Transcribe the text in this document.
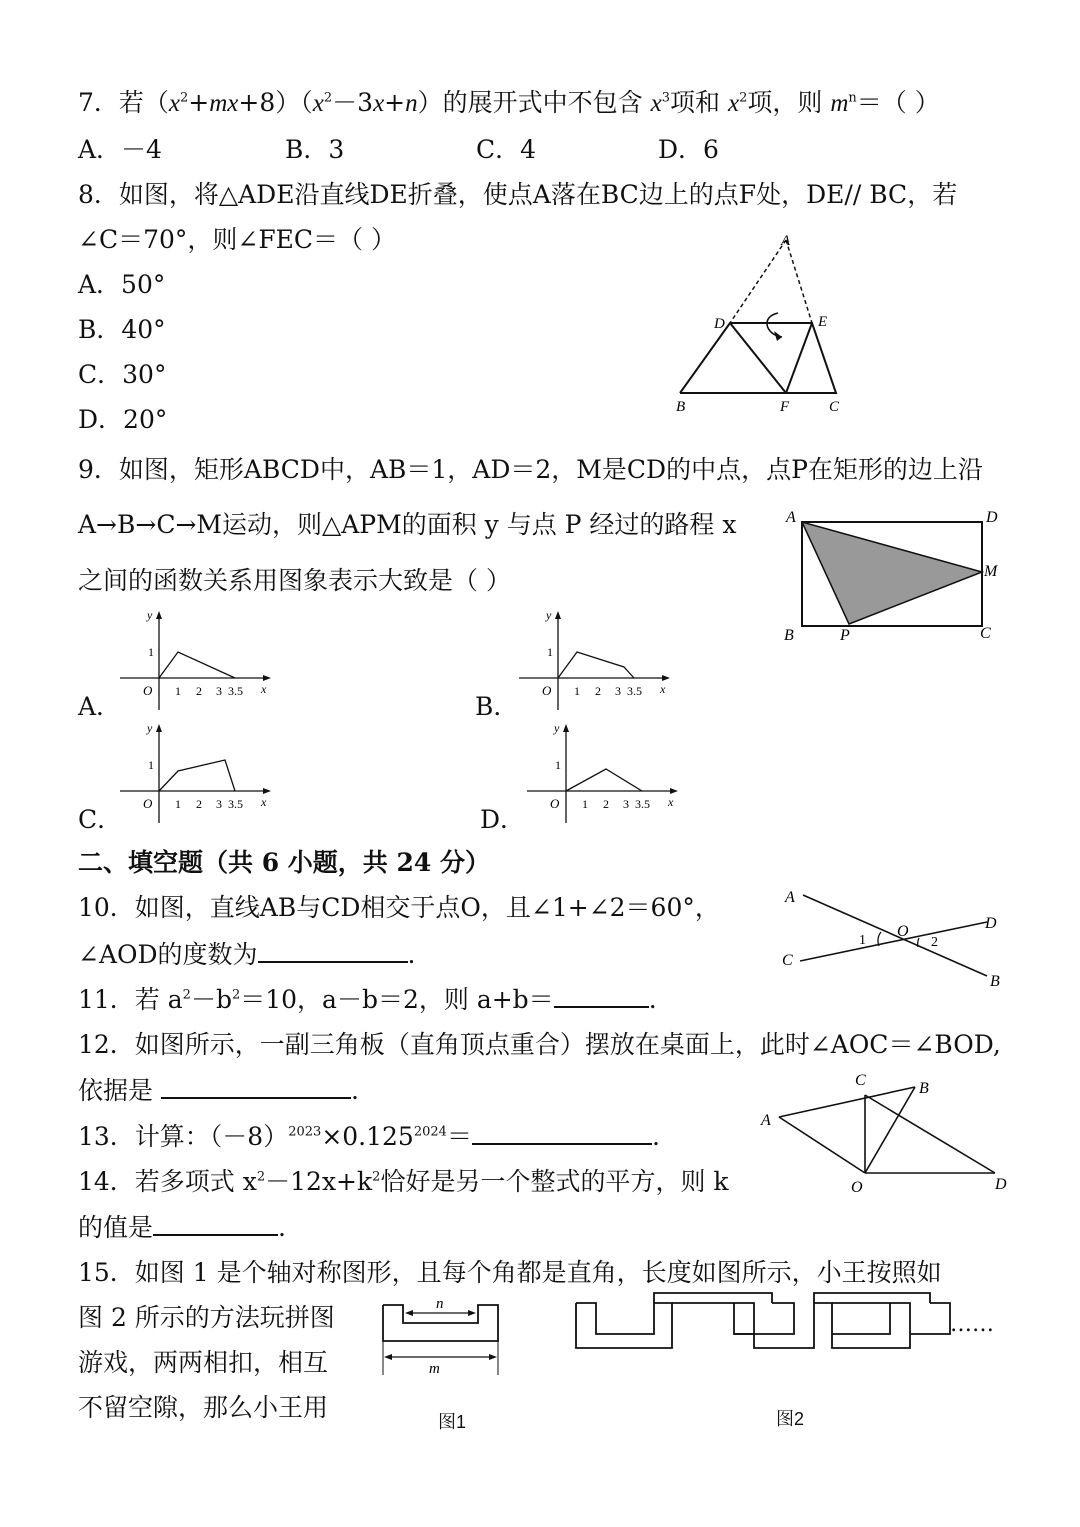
7．若$(x^2+mx+8)(x^2-3x+n)$的展开式中不包含 $x^3$项和 $x^2$项，则 $m^n=$（ ）
A．－4	B．3	C．4	D．6
8．如图，将△ADE沿直线DE折叠，使点A落在BC边上的点F处，DE// BC，若
∠C＝70°，则∠FEC＝（ ）
A．50°
B．40°
C．30°
D．20°
A
D	E
B	F	C
9．如图，矩形ABCD中，AB＝1，AD＝2，M是CD的中点，点P在矩形的边上沿
A→B→C→M运动，则△APM的面积 y 与点 P 经过的路程 x
之间的函数关系用图象表示大致是（ ）
A	D
M
B	P	C
A．	B．
C．	D．
y
x
O
1
1 2 3 3.5
y
x
O
1
1 2 3 3.5
y
x
O
1
1 2 3 3.5
y
x
O
1
1 2 3 3.5
二、填空题（共 6 小题，共 24 分）
10．如图，直线AB与CD相交于点O，且∠1+∠2＝60°，
∠AOD的度数为	.
A
D
C
B
O
1	2
11．若 $a^2-b^2=10$，a－b＝2，则 a+b＝	.
12．如图所示，一副三角板（直角顶点重合）摆放在桌面上，此时∠AOC＝∠BOD,
依据是	.	C	B
A
O	D
13．计算：$(-8)^{2023}\times 0.125^{2024}=$	.
14．若多项式 $x^2-12x+k^2$恰好是另一个整式的平方，则 k
的值是	.
15．如图 1 是个轴对称图形，且每个角都是直角，长度如图所示，小王按照如
图 2 所示的方法玩拼图
游戏，两两相扣，相互
不留空隙，那么小王用
n
m
图1
……
图2
